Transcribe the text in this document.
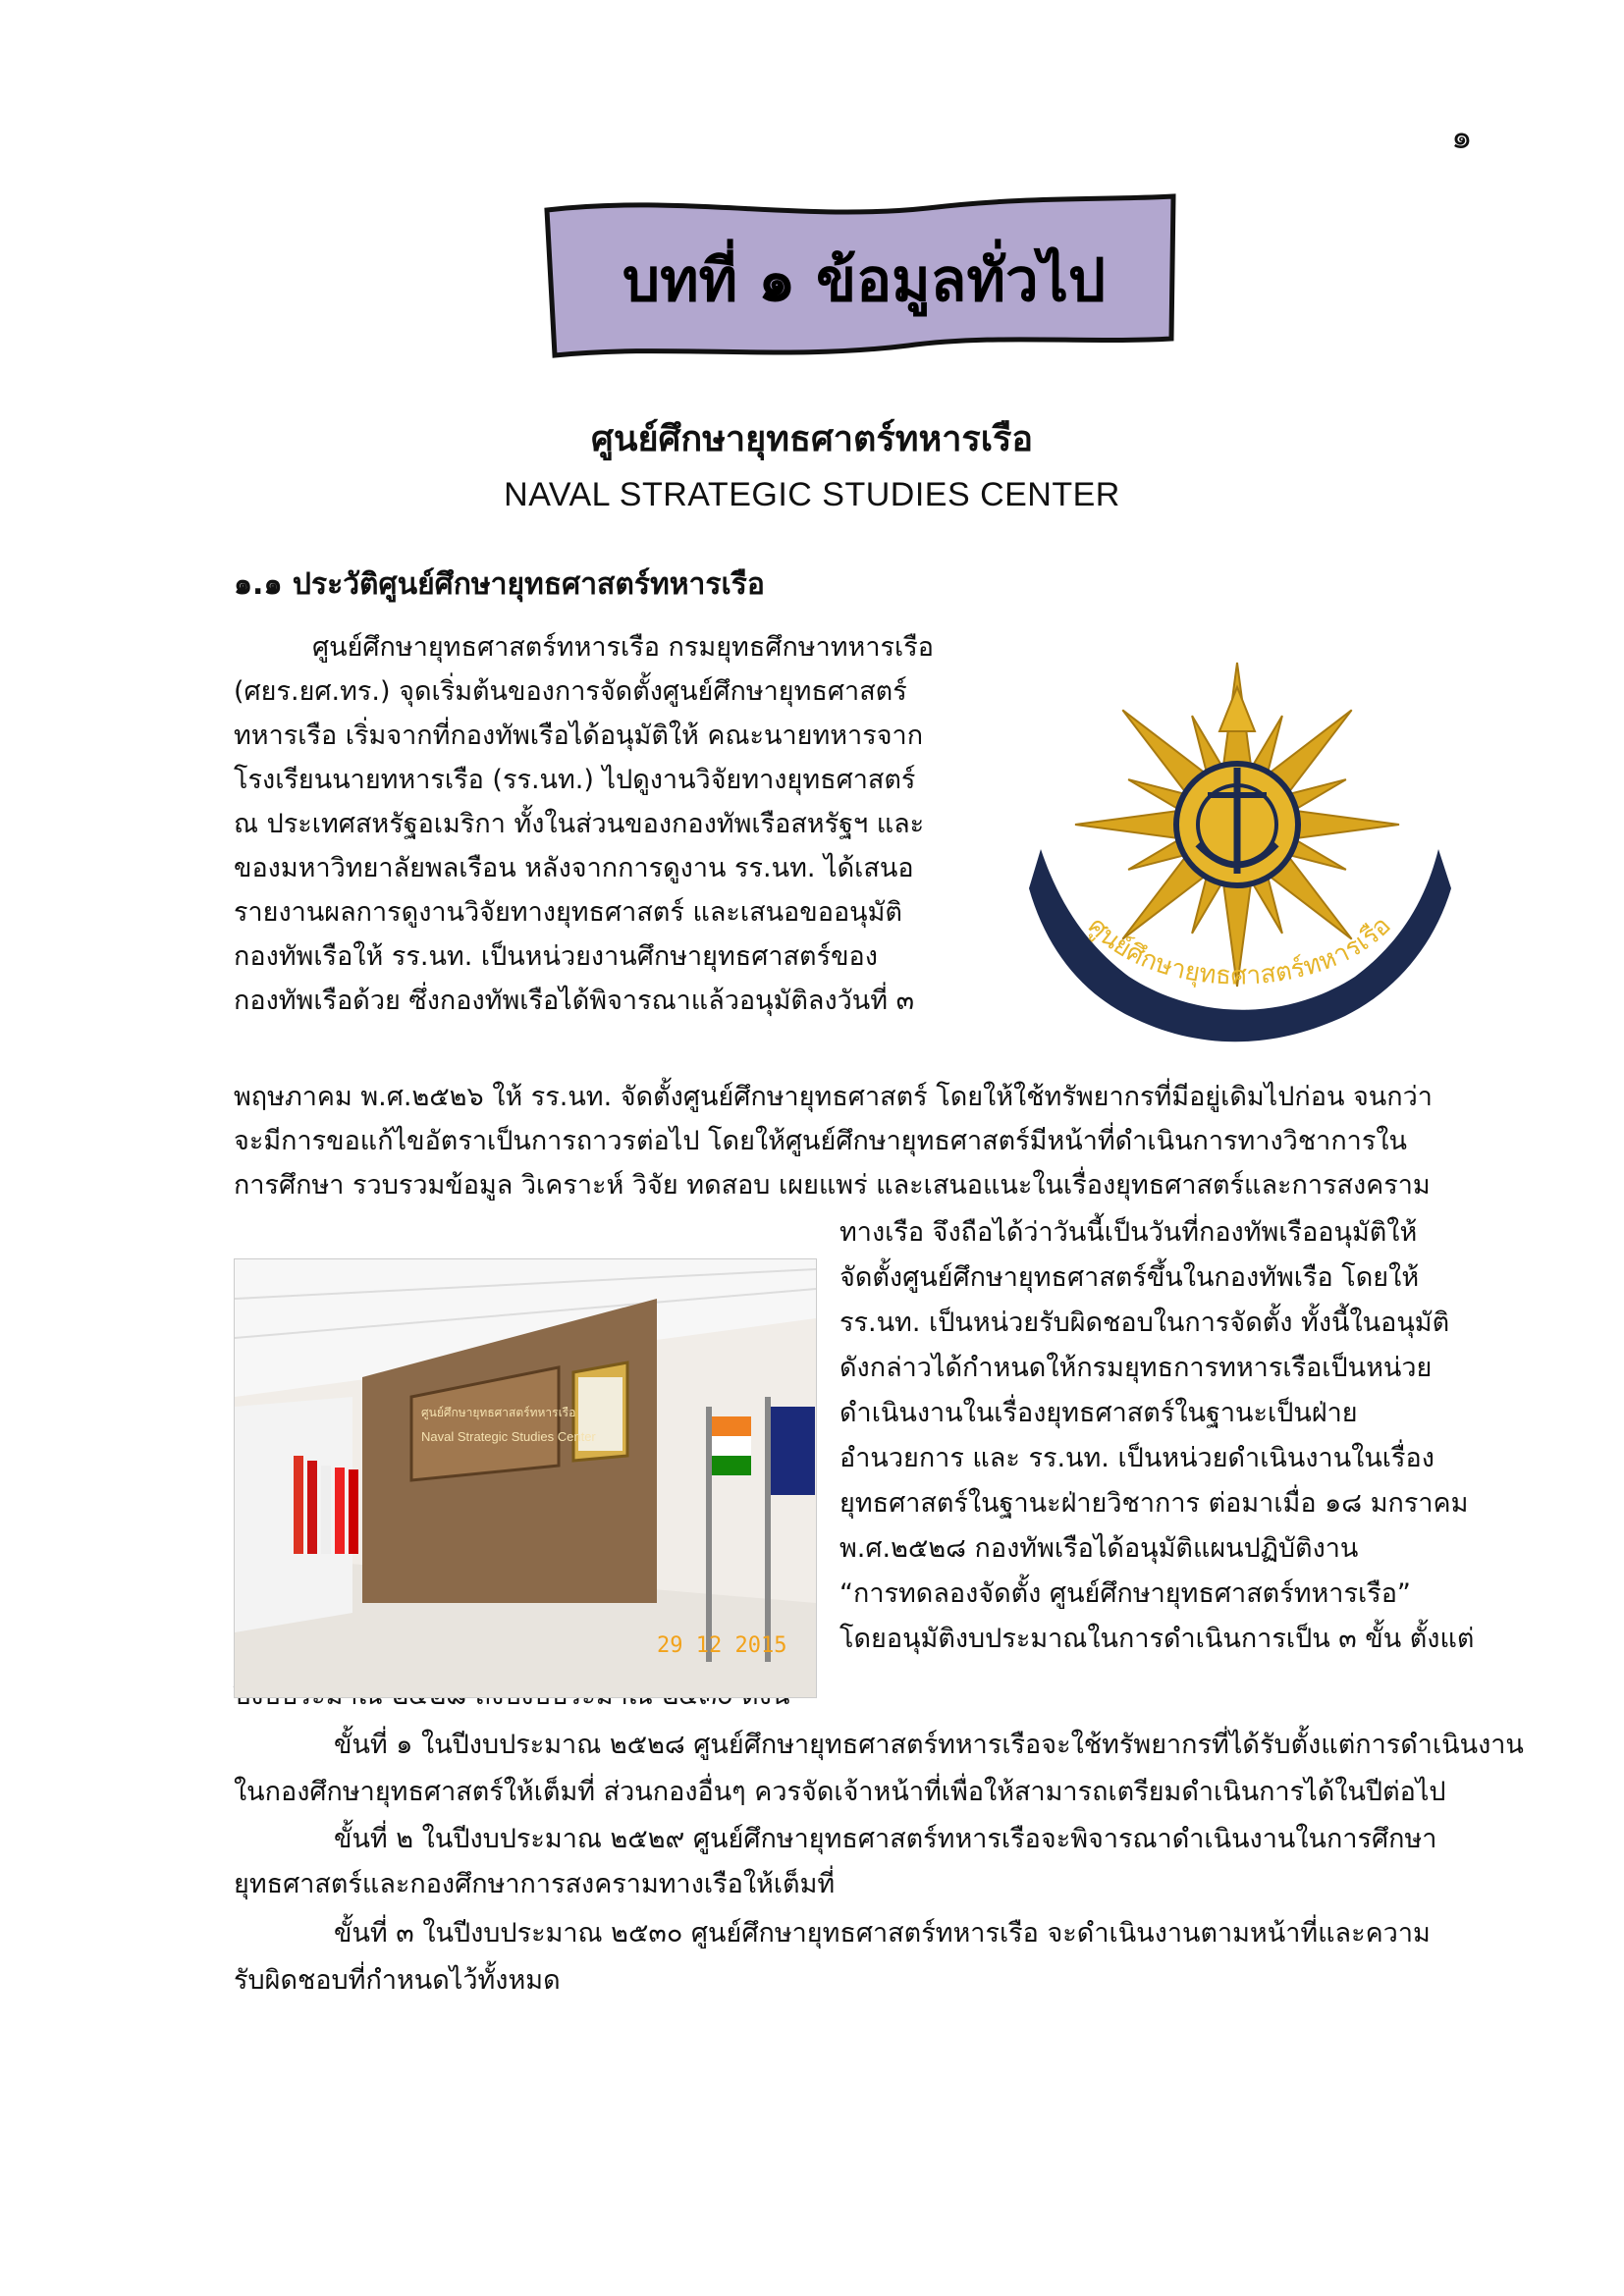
๑
บทที่ ๑ ข้อมูลทั่วไป
ศูนย์ศึกษายุทธศาตร์ทหารเรือ
NAVAL STRATEGIC STUDIES CENTER
๑.๑ ประวัติศูนย์ศึกษายุทธศาสตร์ทหารเรือ
ศูนย์ศึกษายุทธศาสตร์ทหารเรือ กรมยุทธศึกษาทหารเรือ
(ศยร.ยศ.ทร.) จุดเริ่มต้นของการจัดตั้งศูนย์ศึกษายุทธศาสตร์
ทหารเรือ เริ่มจากที่กองทัพเรือได้อนุมัติให้ คณะนายทหารจาก
โรงเรียนนายทหารเรือ (รร.นท.) ไปดูงานวิจัยทางยุทธศาสตร์
ณ ประเทศสหรัฐอเมริกา ทั้งในส่วนของกองทัพเรือสหรัฐฯ และ
ของมหาวิทยาลัยพลเรือน หลังจากการดูงาน รร.นท. ได้เสนอ
รายงานผลการดูงานวิจัยทางยุทธศาสตร์ และเสนอขออนุมัติ
กองทัพเรือให้ รร.นท. เป็นหน่วยงานศึกษายุทธศาสตร์ของ
กองทัพเรือด้วย ซึ่งกองทัพเรือได้พิจารณาแล้วอนุมัติลงวันที่ ๓
พฤษภาคม พ.ศ.๒๕๒๖ ให้ รร.นท. จัดตั้งศูนย์ศึกษายุทธศาสตร์ โดยให้ใช้ทรัพยากรที่มีอยู่เดิมไปก่อน จนกว่า
จะมีการขอแก้ไขอัตราเป็นการถาวรต่อไป โดยให้ศูนย์ศึกษายุทธศาสตร์มีหน้าที่ดำเนินการทางวิชาการใน
การศึกษา รวบรวมข้อมูล วิเคราะห์ วิจัย ทดสอบ เผยแพร่ และเสนอแนะในเรื่องยุทธศาสตร์และการสงคราม
ทางเรือ จึงถือได้ว่าวันนี้เป็นวันที่กองทัพเรืออนุมัติให้
จัดตั้งศูนย์ศึกษายุทธศาสตร์ขึ้นในกองทัพเรือ โดยให้
รร.นท. เป็นหน่วยรับผิดชอบในการจัดตั้ง ทั้งนี้ในอนุมัติ
ดังกล่าวได้กำหนดให้กรมยุทธการทหารเรือเป็นหน่วย
ดำเนินงานในเรื่องยุทธศาสตร์ในฐานะเป็นฝ่าย
อำนวยการ และ รร.นท. เป็นหน่วยดำเนินงานในเรื่อง
ยุทธศาสตร์ในฐานะฝ่ายวิชาการ ต่อมาเมื่อ ๑๘ มกราคม
พ.ศ.๒๕๒๘ กองทัพเรือได้อนุมัติแผนปฏิบัติงาน
“การทดลองจัดตั้ง ศูนย์ศึกษายุทธศาสตร์ทหารเรือ”
โดยอนุมัติงบประมาณในการดำเนินการเป็น ๓ ขั้น ตั้งแต่
ขั้นที่ ๑ ในปีงบประมาณ ๒๕๒๘ ศูนย์ศึกษายุทธศาสตร์ทหารเรือจะใช้ทรัพยากรที่ได้รับตั้งแต่การดำเนินงาน
ในกองศึกษายุทธศาสตร์ให้เต็มที่ ส่วนกองอื่นๆ ควรจัดเจ้าหน้าที่เพื่อให้สามารถเตรียมดำเนินการได้ในปีต่อไป
ขั้นที่ ๒ ในปีงบประมาณ ๒๕๒๙ ศูนย์ศึกษายุทธศาสตร์ทหารเรือจะพิจารณาดำเนินงานในการศึกษา
ยุทธศาสตร์และกองศึกษาการสงครามทางเรือให้เต็มที่
ขั้นที่ ๓ ในปีงบประมาณ ๒๕๓๐ ศูนย์ศึกษายุทธศาสตร์ทหารเรือ จะดำเนินงานตามหน้าที่และความ
รับผิดชอบที่กำหนดไว้ทั้งหมด
ศูนย์ศึกษายุทธศาสตร์ทหารเรือ
ศูนย์ศึกษายุทธศาสตร์ทหารเรือ
Naval Strategic Studies Center
29 12 2015
